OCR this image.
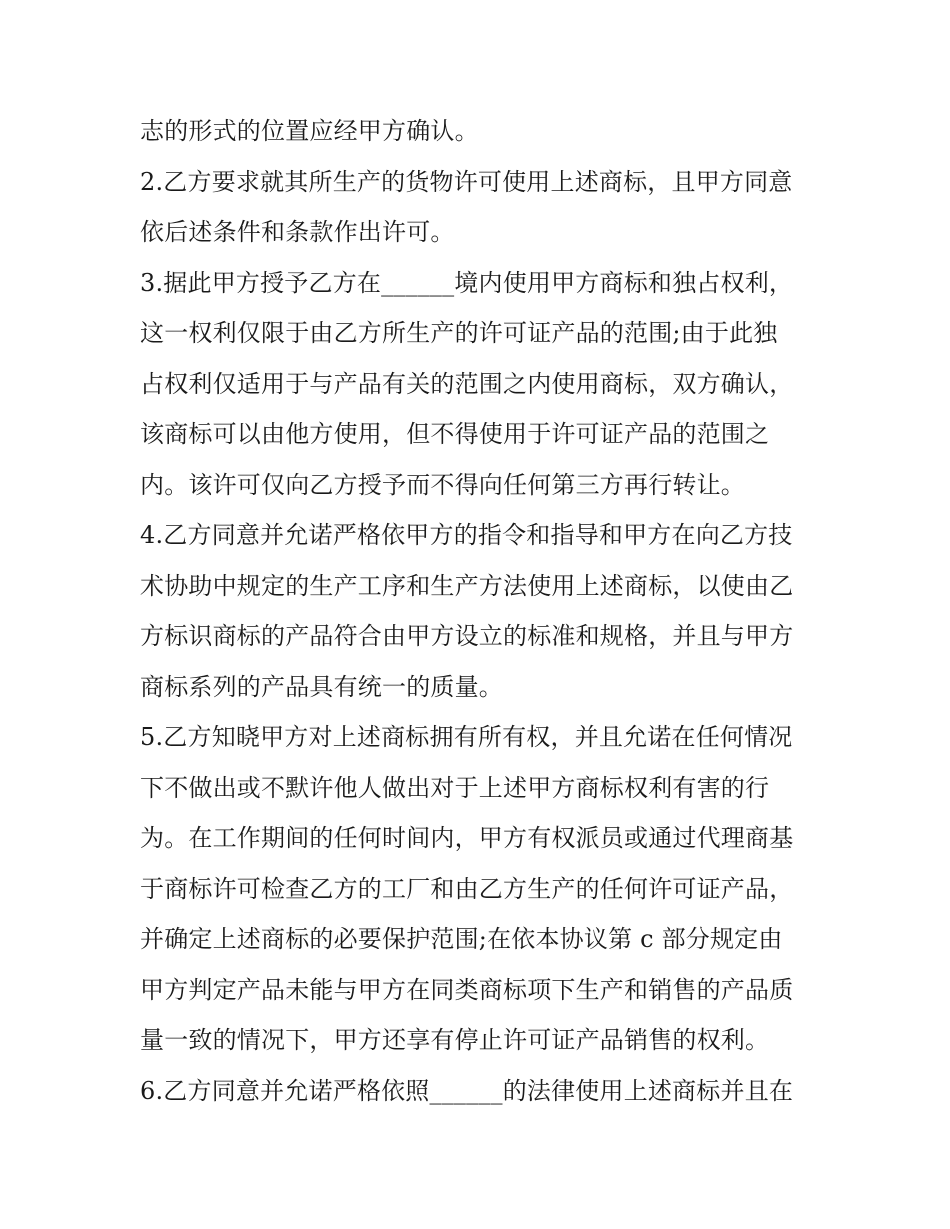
志的形式的位置应经甲方确认。
2.乙方要求就其所生产的货物许可使用上述商标，且甲方同意
依后述条件和条款作出许可。
3.据此甲方授予乙方在______境内使用甲方商标和独占权利，
这一权利仅限于由乙方所生产的许可证产品的范围;由于此独
占权利仅适用于与产品有关的范围之内使用商标，双方确认，
该商标可以由他方使用，但不得使用于许可证产品的范围之
内。该许可仅向乙方授予而不得向任何第三方再行转让。
4.乙方同意并允诺严格依甲方的指令和指导和甲方在向乙方技
术协助中规定的生产工序和生产方法使用上述商标，以使由乙
方标识商标的产品符合由甲方设立的标准和规格，并且与甲方
商标系列的产品具有统一的质量。
5.乙方知晓甲方对上述商标拥有所有权，并且允诺在任何情况
下不做出或不默许他人做出对于上述甲方商标权利有害的行
为。在工作期间的任何时间内，甲方有权派员或通过代理商基
于商标许可检查乙方的工厂和由乙方生产的任何许可证产品，
并确定上述商标的必要保护范围;在依本协议第 c 部分规定由
甲方判定产品未能与甲方在同类商标项下生产和销售的产品质
量一致的情况下，甲方还享有停止许可证产品销售的权利。
6.乙方同意并允诺严格依照______的法律使用上述商标并且在
